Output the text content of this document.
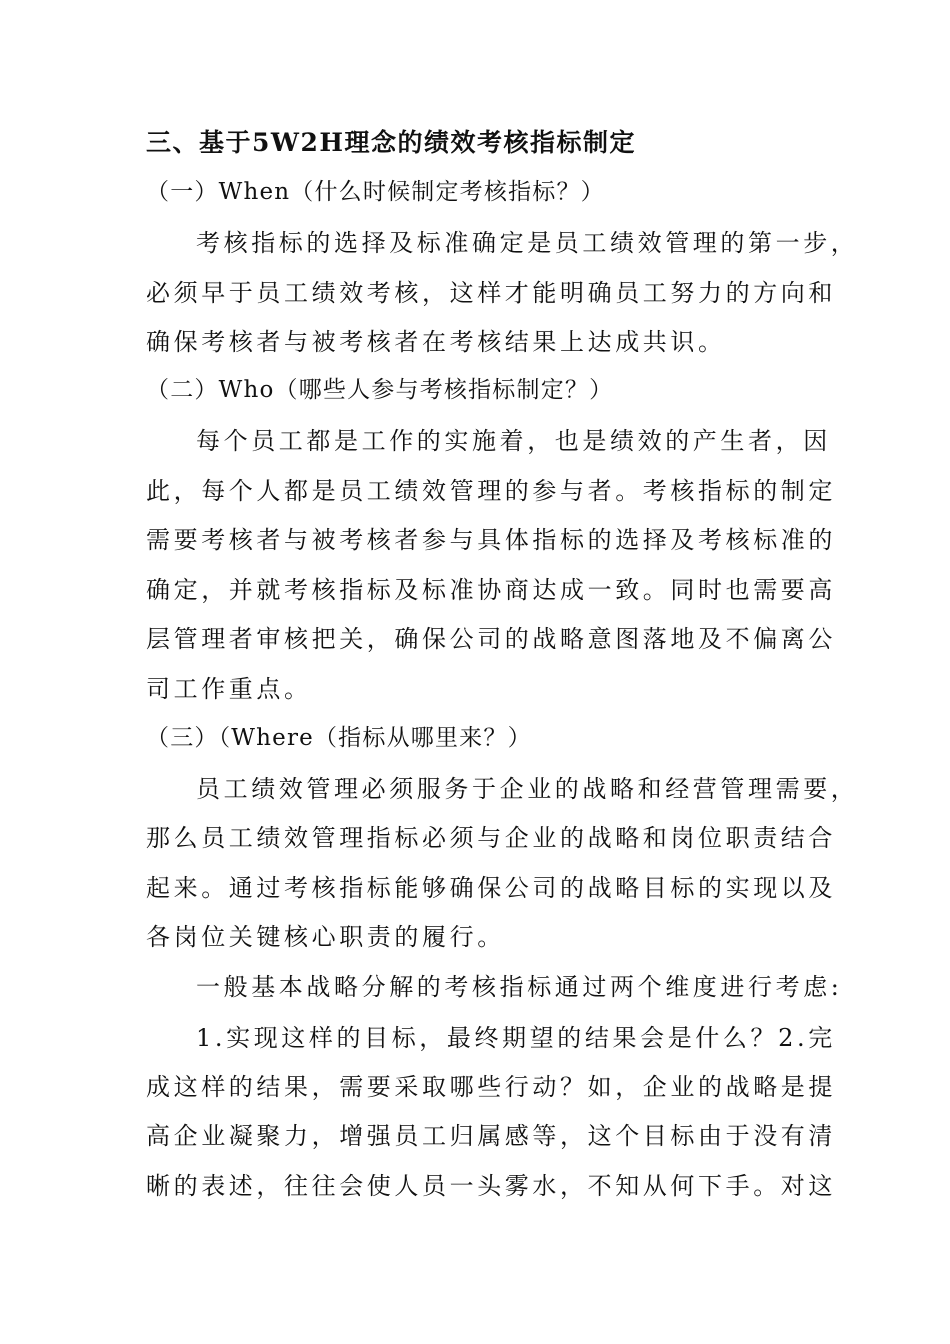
三、基于5W2H理念的绩效考核指标制定
（一）When（什么时候制定考核指标？）
考核指标的选择及标准确定是员工绩效管理的第一步，
必须早于员工绩效考核，这样才能明确员工努力的方向和
确保考核者与被考核者在考核结果上达成共识。
（二）Who（哪些人参与考核指标制定？）
每个员工都是工作的实施着，也是绩效的产生者，因
此，每个人都是员工绩效管理的参与者。考核指标的制定
需要考核者与被考核者参与具体指标的选择及考核标准的
确定，并就考核指标及标准协商达成一致。同时也需要高
层管理者审核把关，确保公司的战略意图落地及不偏离公
司工作重点。
（三）（Where（指标从哪里来？）
员工绩效管理必须服务于企业的战略和经营管理需要，
那么员工绩效管理指标必须与企业的战略和岗位职责结合
起来。通过考核指标能够确保公司的战略目标的实现以及
各岗位关键核心职责的履行。
一般基本战略分解的考核指标通过两个维度进行考虑:
1.实现这样的目标，最终期望的结果会是什么？2.完
成这样的结果，需要采取哪些行动？如，企业的战略是提
高企业凝聚力，增强员工归属感等，这个目标由于没有清
晰的表述，往往会使人员一头雾水，不知从何下手。对这
